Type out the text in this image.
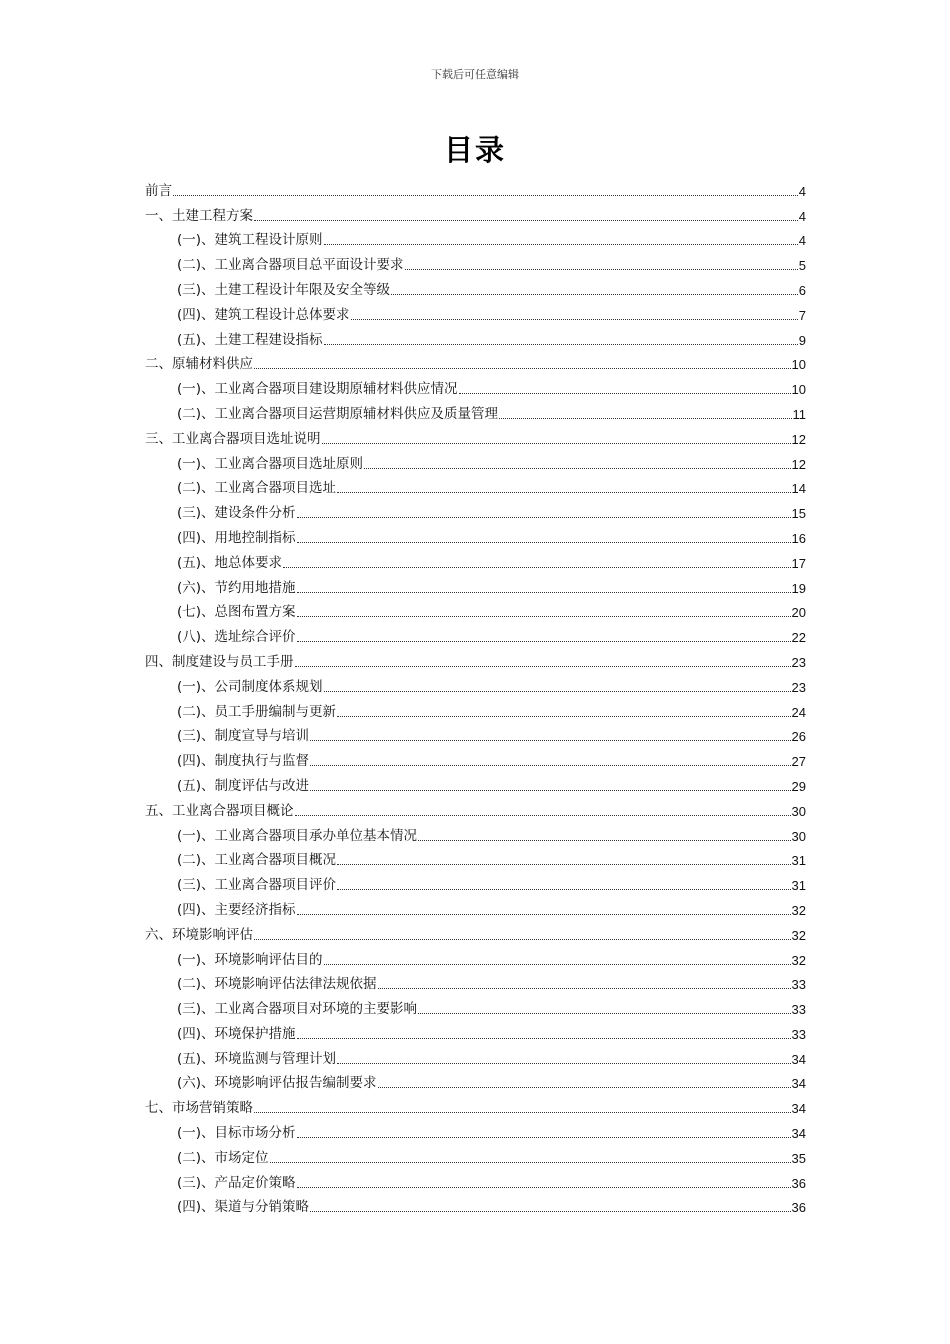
下载后可任意编辑
目录
前言	4
一、土建工程方案	4
(一)、建筑工程设计原则	4
(二)、工业离合器项目总平面设计要求	5
(三)、土建工程设计年限及安全等级	6
(四)、建筑工程设计总体要求	7
(五)、土建工程建设指标	9
二、原辅材料供应	10
(一)、工业离合器项目建设期原辅材料供应情况	10
(二)、工业离合器项目运营期原辅材料供应及质量管理	11
三、工业离合器项目选址说明	12
(一)、工业离合器项目选址原则	12
(二)、工业离合器项目选址	14
(三)、建设条件分析	15
(四)、用地控制指标	16
(五)、地总体要求	17
(六)、节约用地措施	19
(七)、总图布置方案	20
(八)、选址综合评价	22
四、制度建设与员工手册	23
(一)、公司制度体系规划	23
(二)、员工手册编制与更新	24
(三)、制度宣导与培训	26
(四)、制度执行与监督	27
(五)、制度评估与改进	29
五、工业离合器项目概论	30
(一)、工业离合器项目承办单位基本情况	30
(二)、工业离合器项目概况	31
(三)、工业离合器项目评价	31
(四)、主要经济指标	32
六、环境影响评估	32
(一)、环境影响评估目的	32
(二)、环境影响评估法律法规依据	33
(三)、工业离合器项目对环境的主要影响	33
(四)、环境保护措施	33
(五)、环境监测与管理计划	34
(六)、环境影响评估报告编制要求	34
七、市场营销策略	34
(一)、目标市场分析	34
(二)、市场定位	35
(三)、产品定价策略	36
(四)、渠道与分销策略	36
